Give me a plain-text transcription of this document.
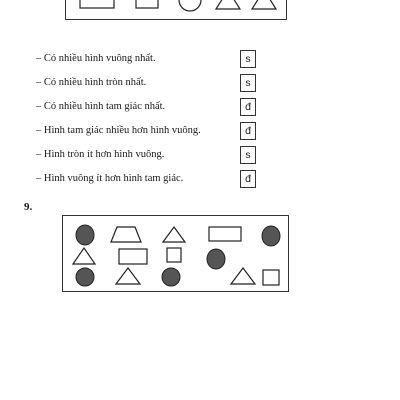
– Có nhiều hình vuông nhất.	s
– Có nhiều hình tròn nhất.	s
– Có nhiều hình tam giác nhất.	đ
– Hình tam giác nhiều hơn hình vuông.	đ
– Hình tròn ít hơn hình vuông.	s
– Hình vuông ít hơn hình tam giác.	đ
9.
